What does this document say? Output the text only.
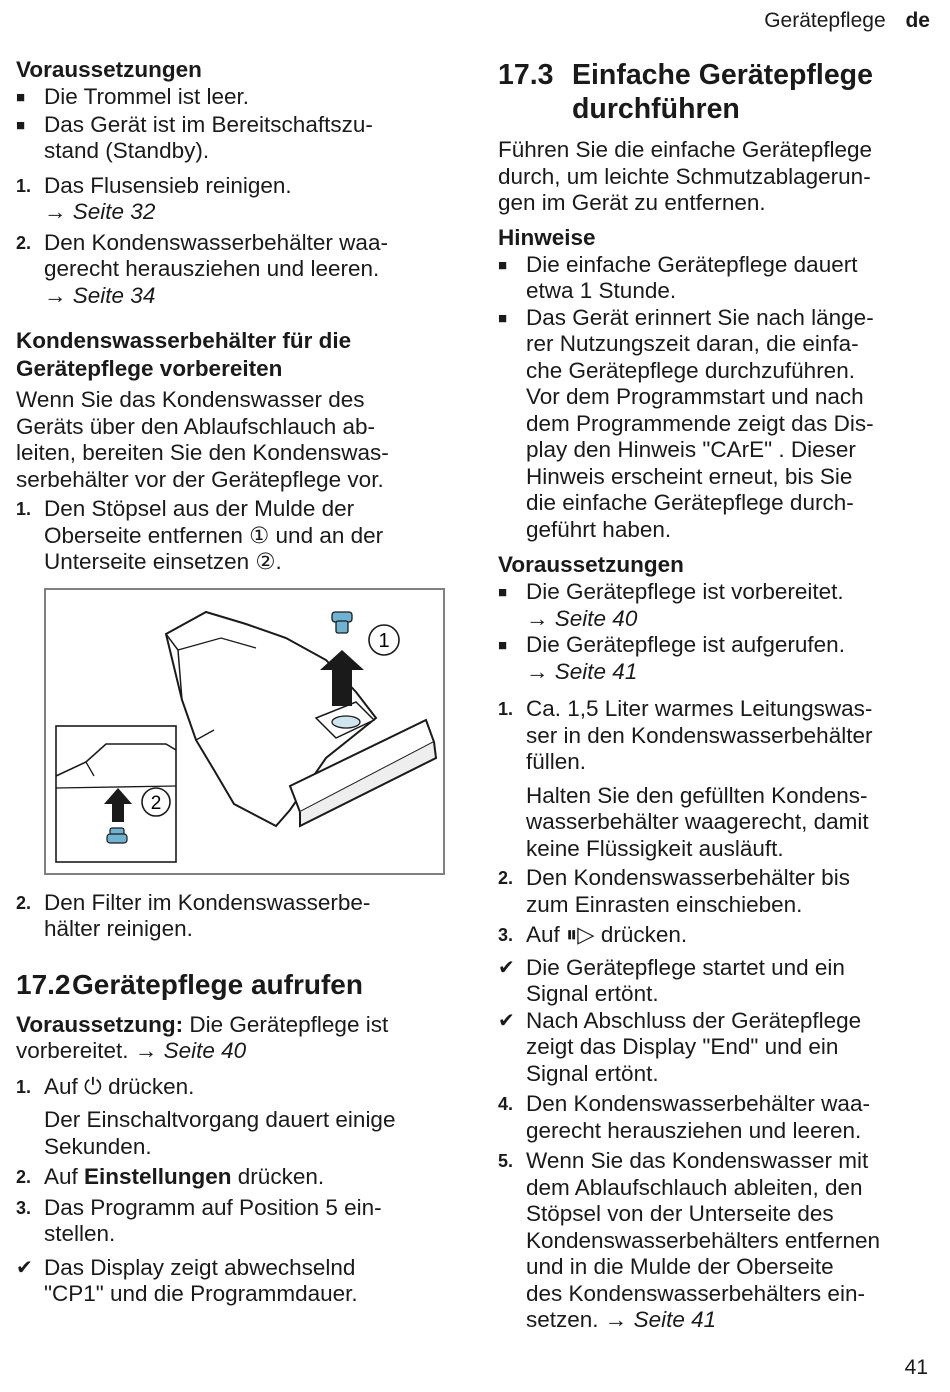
Gerätepflege de
Voraussetzungen
■ Die Trommel ist leer.
■ Das Gerät ist im Bereitschaftszu-
stand (Standby).
1. Das Flusensieb reinigen.
→ Seite 32
2. Den Kondenswasserbehälter waa-
gerecht herausziehen und leeren.
→ Seite 34
Kondenswasserbehälter für die
Gerätepflege vorbereiten

Wenn Sie das Kondenswasser des
Geräts über den Ablaufschlauch ab-
leiten, bereiten Sie den Kondenswas-
serbehälter vor der Gerätepflege vor.

1. Den Stöpsel aus der Mulde der
Oberseite entfernen ① und an der
Unterseite einsetzen ②.
1
2
2. Den Filter im Kondenswasserbe-
hälter reinigen.
17.2Gerätepflege aufrufen

Voraussetzung: Die Gerätepflege ist
vorbereitet. → Seite 40

1. Auf ⏻ drücken.

Der Einschaltvorgang dauert einige
Sekunden.

2. Auf Einstellungen drücken.
3. Das Programm auf Position 5 ein-
stellen.
✔ Das Display zeigt abwechselnd
"CP1" und die Programmdauer.
17.3 Einfache Gerätepflege
durchführen

Führen Sie die einfache Gerätepflege
durch, um leichte Schmutzablagerun-
gen im Gerät zu entfernen.

Hinweise
■ Die einfache Gerätepflege dauert
etwa 1 Stunde.
■ Das Gerät erinnert Sie nach länge-
rer Nutzungszeit daran, die einfa-
che Gerätepflege durchzuführen.
Vor dem Programmstart und nach
dem Programmende zeigt das Dis-
play den Hinweis "CArE" . Dieser
Hinweis erscheint erneut, bis Sie
die einfache Gerätepflege durch-
geführt haben.
Voraussetzungen
■ Die Gerätepflege ist vorbereitet.
→ Seite 40
■ Die Gerätepflege ist aufgerufen.
→ Seite 41
1. Ca. 1,5 Liter warmes Leitungswas-
ser in den Kondenswasserbehälter
füllen.

Halten Sie den gefüllten Kondens-
wasserbehälter waagerecht, damit
keine Flüssigkeit ausläuft.

2. Den Kondenswasserbehälter bis
zum Einrasten einschieben.
3. Auf ⏸▷ drücken.
✔ Die Gerätepflege startet und ein
Signal ertönt.
✔ Nach Abschluss der Gerätepflege
zeigt das Display "End" und ein
Signal ertönt.
4. Den Kondenswasserbehälter waa-
gerecht herausziehen und leeren.
5. Wenn Sie das Kondenswasser mit
dem Ablaufschlauch ableiten, den
Stöpsel von der Unterseite des
Kondenswasserbehälters entfernen
und in die Mulde der Oberseite
des Kondenswasserbehälters ein-
setzen. → Seite 41
41
